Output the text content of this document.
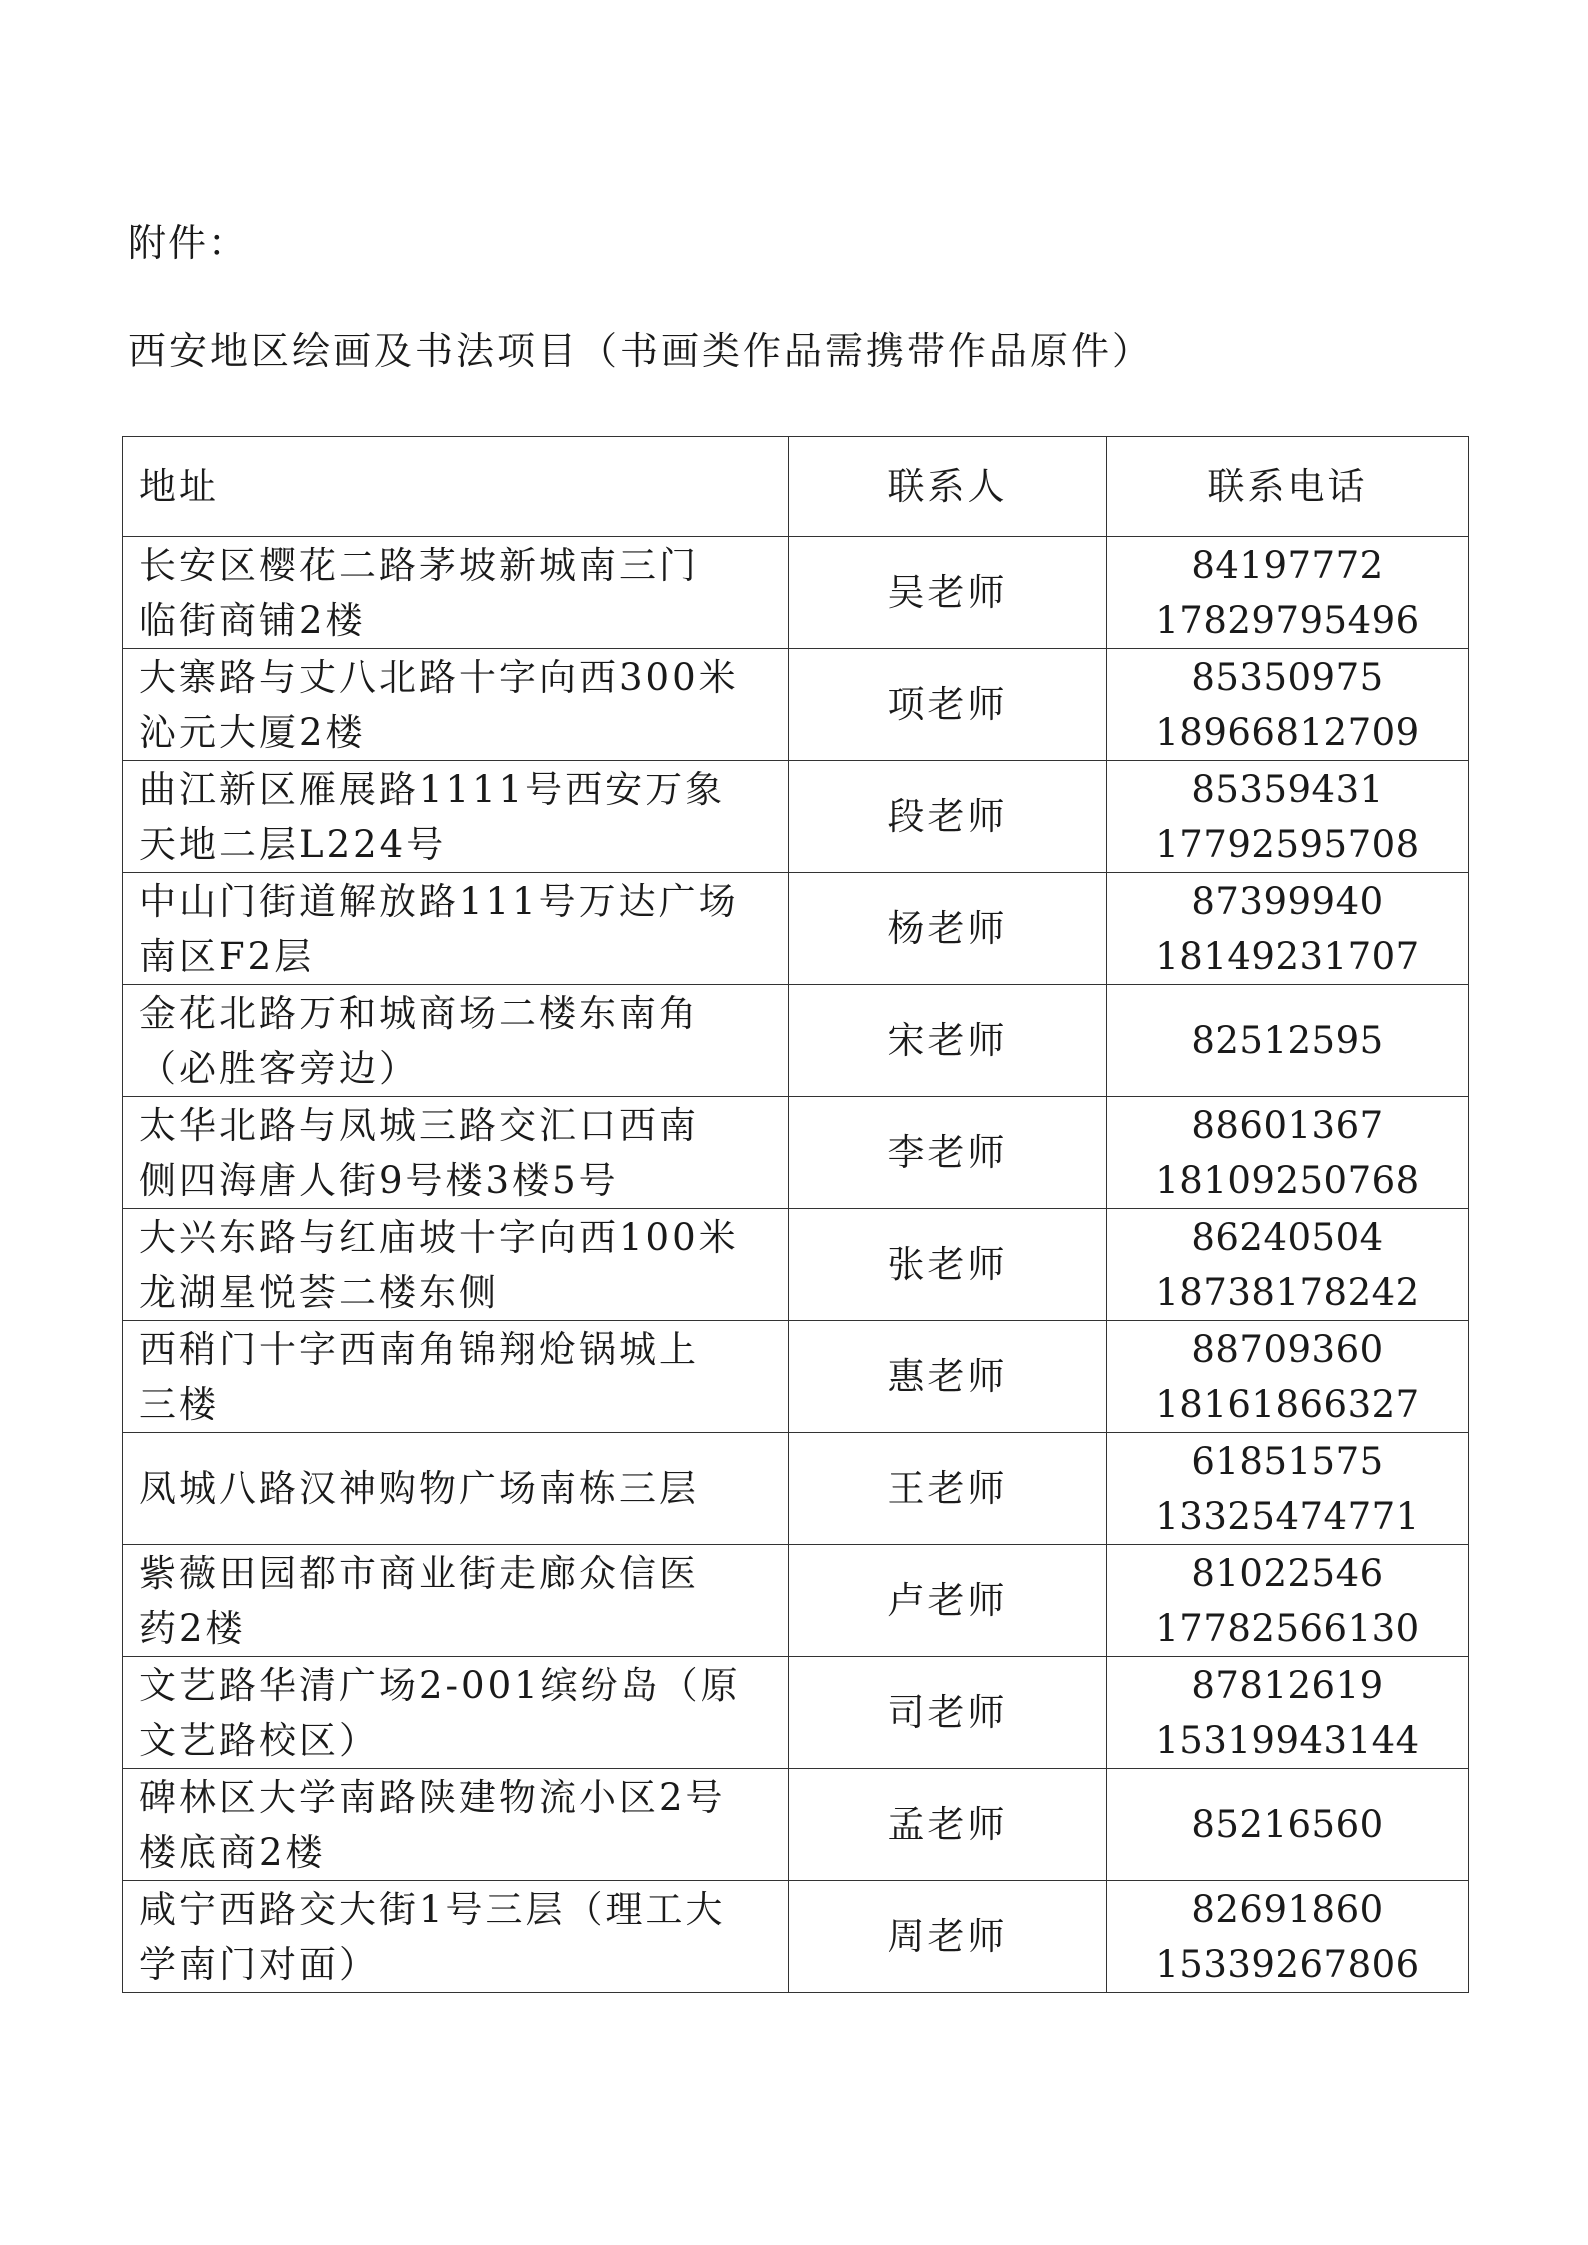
附件：
西安地区绘画及书法项目（书画类作品需携带作品原件）
地址	联系人	联系电话

长安区樱花二路茅坡新城南三门
临街商铺2楼	吴老师	84197772
17829795496

大寨路与丈八北路十字向西300米
沁元大厦2楼	项老师	85350975
18966812709

曲江新区雁展路1111号西安万象
天地二层L224号	段老师	85359431
17792595708

中山门街道解放路111号万达广场
南区F2层	杨老师	87399940
18149231707

金花北路万和城商场二楼东南角
（必胜客旁边）	宋老师	82512595

太华北路与凤城三路交汇口西南
侧四海唐人街9号楼3楼5号	李老师	88601367
18109250768

大兴东路与红庙坡十字向西100米
龙湖星悦荟二楼东侧	张老师	86240504
18738178242

西稍门十字西南角锦翔炝锅城上
三楼	惠老师	88709360
18161866327

凤城八路汉神购物广场南栋三层	王老师	61851575
13325474771

紫薇田园都市商业街走廊众信医
药2楼	卢老师	81022546
17782566130

文艺路华清广场2-001缤纷岛（原
文艺路校区）	司老师	87812619
15319943144

碑林区大学南路陕建物流小区2号
楼底商2楼	孟老师	85216560

咸宁西路交大街1号三层（理工大
学南门对面）	周老师	82691860
15339267806
